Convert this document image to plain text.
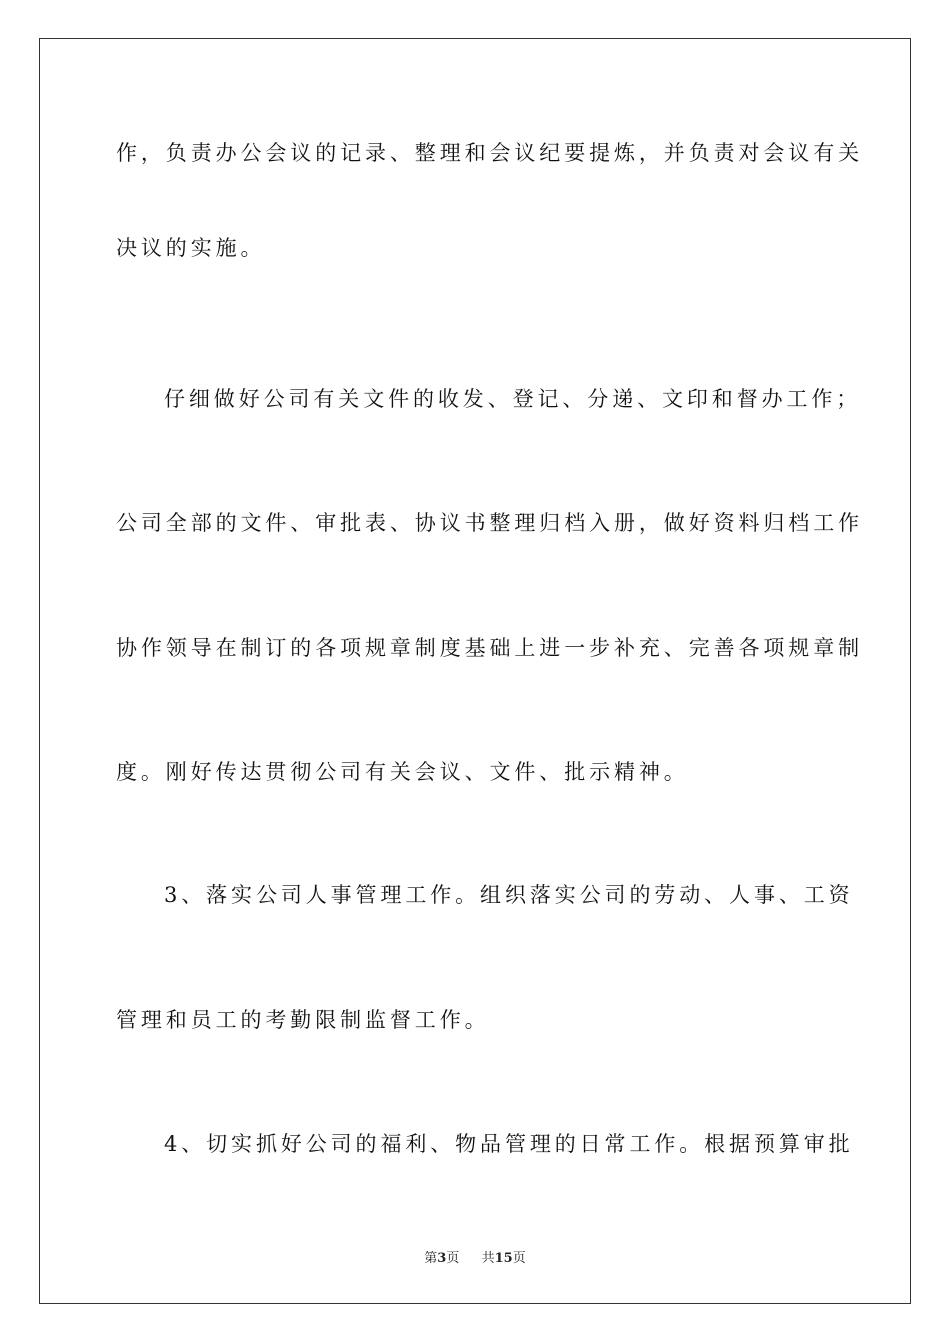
作，负责办公会议的记录、整理和会议纪要提炼，并负责对会议有关
决议的实施。
仔细做好公司有关文件的收发、登记、分递、文印和督办工作；
公司全部的文件、审批表、协议书整理归档入册，做好资料归档工作
协作领导在制订的各项规章制度基础上进一步补充、完善各项规章制
度。刚好传达贯彻公司有关会议、文件、批示精神。
3、落实公司人事管理工作。组织落实公司的劳动、人事、工资
管理和员工的考勤限制监督工作。
4、切实抓好公司的福利、物品管理的日常工作。根据预算审批
第3页 共15页
